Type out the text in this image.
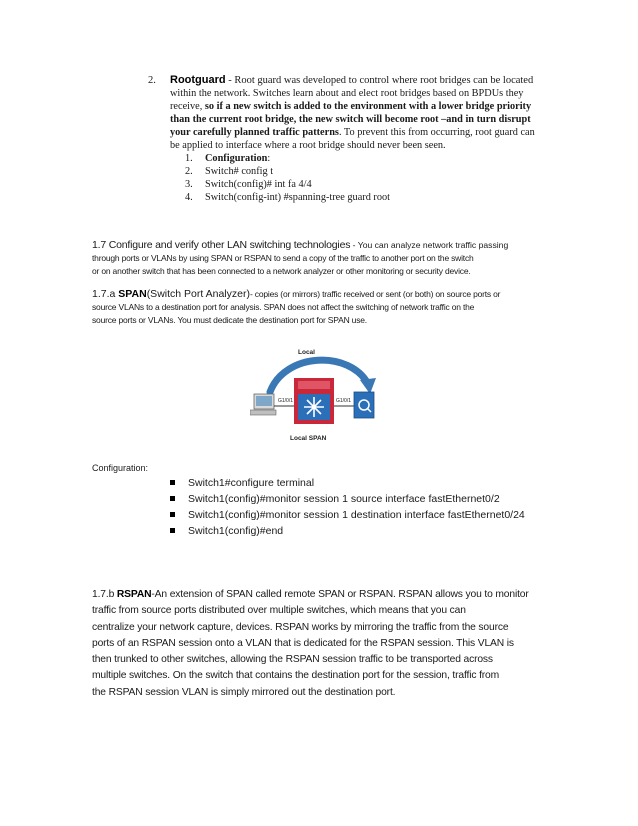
2. Rootguard - Root guard was developed to control where root bridges can be located
within the network. Switches learn about and elect root bridges based on BPDUs they
receive, so if a new switch is added to the environment with a lower bridge priority
than the current root bridge, the new switch will become root –and in turn disrupt
your carefully planned traffic patterns. To prevent this from occurring, root guard can
be applied to interface where a root bridge should never been seen.
1. Configuration:
2. Switch# config t
3. Switch(config)# int fa 4/4
4. Switch(config-int) #spanning-tree guard root
1.7 Configure and verify other LAN switching technologies - You can analyze network traffic passing
through ports or VLANs by using SPAN or RSPAN to send a copy of the traffic to another port on the switch
or on another switch that has been connected to a network analyzer or other monitoring or security device.
1.7.a SPAN(Switch Port Analyzer)- copies (or mirrors) traffic received or sent (or both) on source ports or
source VLANs to a destination port for analysis. SPAN does not affect the switching of network traffic on the
source ports or VLANs. You must dedicate the destination port for SPAN use.
Local
G1/0/1	G1/0/1
Local SPAN
Configuration:
Switch1#configure terminal
Switch1(config)#monitor session 1 source interface fastEthernet0/2
Switch1(config)#monitor session 1 destination interface fastEthernet0/24
Switch1(config)#end
1.7.b RSPAN-An extension of SPAN called remote SPAN or RSPAN. RSPAN allows you to monitor
traffic from source ports distributed over multiple switches, which means that you can
centralize your network capture, devices. RSPAN works by mirroring the traffic from the source
ports of an RSPAN session onto a VLAN that is dedicated for the RSPAN session. This VLAN is
then trunked to other switches, allowing the RSPAN session traffic to be transported across
multiple switches. On the switch that contains the destination port for the session, traffic from
the RSPAN session VLAN is simply mirrored out the destination port.
